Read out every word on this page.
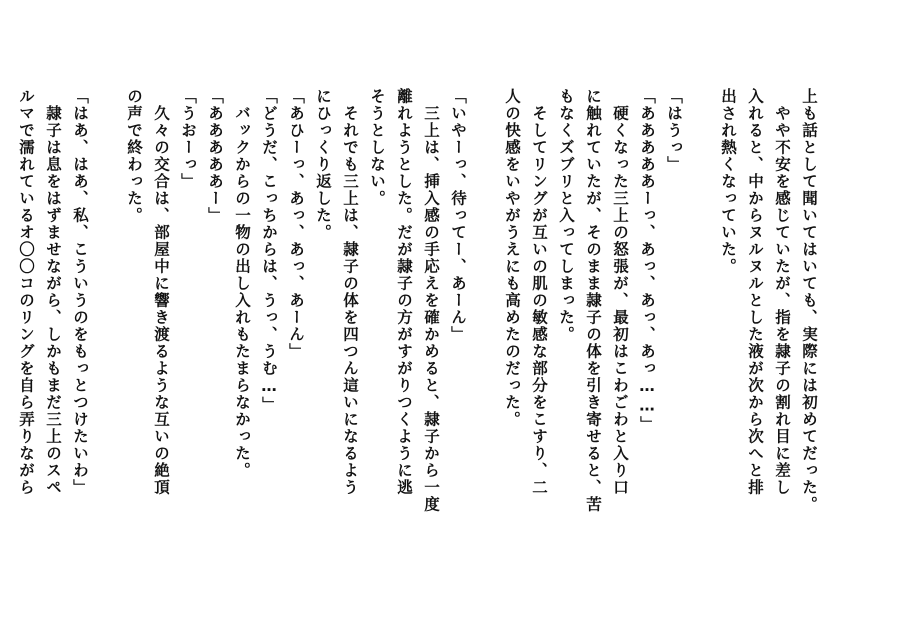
上も話として聞いてはいても、実際には初めてだった。
　やや不安を感じていたが、指を隷子の割れ目に差し
入れると、中からヌルヌルとした液が次から次へと排
出され熱くなっていた。

「はうっ」
「あああああーっ、あっ、あっ、あっ……」
　硬くなった三上の怒張が、最初はこわごわと入り口
に触れていたが、そのまま隷子の体を引き寄せると、苦
もなくズブリと入ってしまった。
　そしてリングが互いの肌の敏感な部分をこすり、二
人の快感をいやがうえにも高めたのだった。

「いやーっ、待ってー、あーん」
　三上は、挿入感の手応えを確かめると、隷子から一度
離れようとした。だが隷子の方がすがりつくように逃
そうとしない。
　それでも三上は、隷子の体を四つん這いになるよう
にひっくり返した。
「あひーっ、あっ、あっ、あーん」
「どうだ、こっちからは、うっ、うむ…」
　バックからの一物の出し入れもたまらなかった。
「あああああー」
「うおーっ」
　久々の交合は、部屋中に響き渡るような互いの絶頂
の声で終わった。

「はあ、はあ、私、こういうのをもっとつけたいわ」
　隷子は息をはずませながら、しかもまだ三上のスペ
ルマで濡れているオ〇〇コのリングを自ら弄りながら
